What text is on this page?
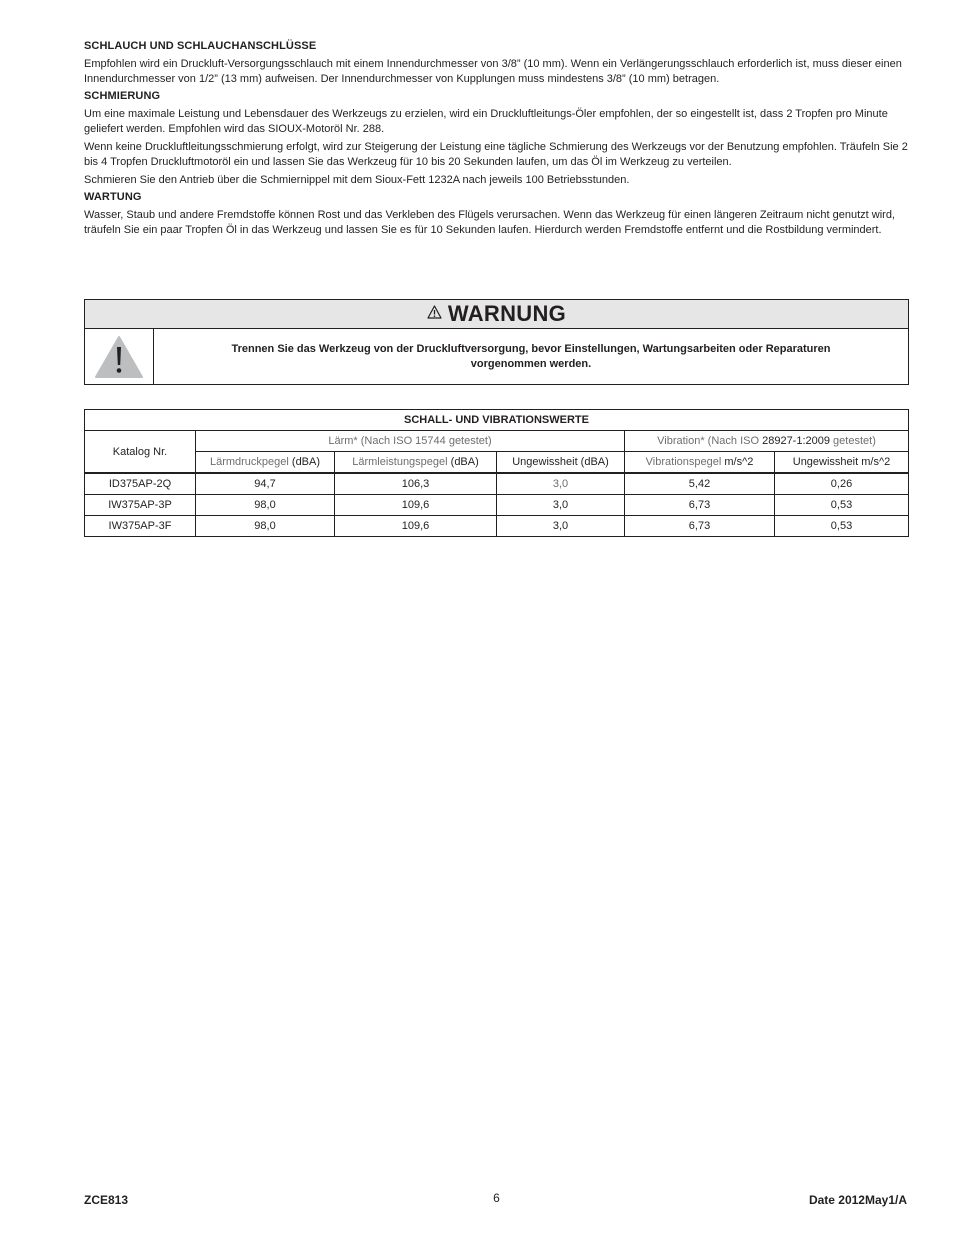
SCHLAUCH UND SCHLAUCHANSCHLÜSSE

Empfohlen wird ein Druckluft-Versorgungsschlauch mit einem Innendurchmesser von 3/8” (10 mm). Wenn ein Verlängerungsschlauch erforderlich ist, muss dieser einen Innendurchmesser von 1/2” (13 mm) aufweisen. Der Innendurchmesser von Kupplungen muss mindestens 3/8” (10 mm) betragen.

SCHMIERUNG

Um eine maximale Leistung und Lebensdauer des Werkzeugs zu erzielen, wird ein Druckluftleitungs-Öler empfohlen, der so eingestellt ist, dass 2 Tropfen pro Minute geliefert werden. Empfohlen wird das SIOUX-Motoröl Nr. 288.

Wenn keine Druckluftleitungsschmierung erfolgt, wird zur Steigerung der Leistung eine tägliche Schmierung des Werkzeugs vor der Benutzung empfohlen. Träufeln Sie 2 bis 4 Tropfen Druckluftmotoröl ein und lassen Sie das Werkzeug für 10 bis 20 Sekunden laufen, um das Öl im Werkzeug zu verteilen.

Schmieren Sie den Antrieb über die Schmiernippel mit dem Sioux-Fett 1232A nach jeweils 100 Betriebsstunden.

WARTUNG

Wasser, Staub und andere Fremdstoffe können Rost und das Verkleben des Flügels verursachen. Wenn das Werkzeug für einen längeren Zeitraum nicht genutzt wird, träufeln Sie ein paar Tropfen Öl in das Werkzeug und lassen Sie es für 10 Sekunden laufen. Hierdurch werden Fremdstoffe entfernt und die Rostbildung vermindert.

WARNUNG
Trennen Sie das Werkzeug von der Druckluftversorgung, bevor Einstellungen, Wartungsarbeiten oder Reparaturen vorgenommen werden.
SCHALL- UND VIBRATIONSWERTE					
Katalog Nr.	Lärm* (Nach ISO 15744 getestet)			Vibration* (Nach ISO 28927-1:2009 getestet)	
	Lärmdruckpegel (dBA)	Lärmleistungspegel (dBA)	Ungewissheit (dBA)	Vibrationspegel m/s^2	Ungewissheit m/s^2
ID375AP-2Q	94,7	106,3	3,0	5,42	0,26
IW375AP-3P	98,0	109,6	3,0	6,73	0,53
IW375AP-3F	98,0	109,6	3,0	6,73	0,53
ZCE813	6	Date 2012May1/A
